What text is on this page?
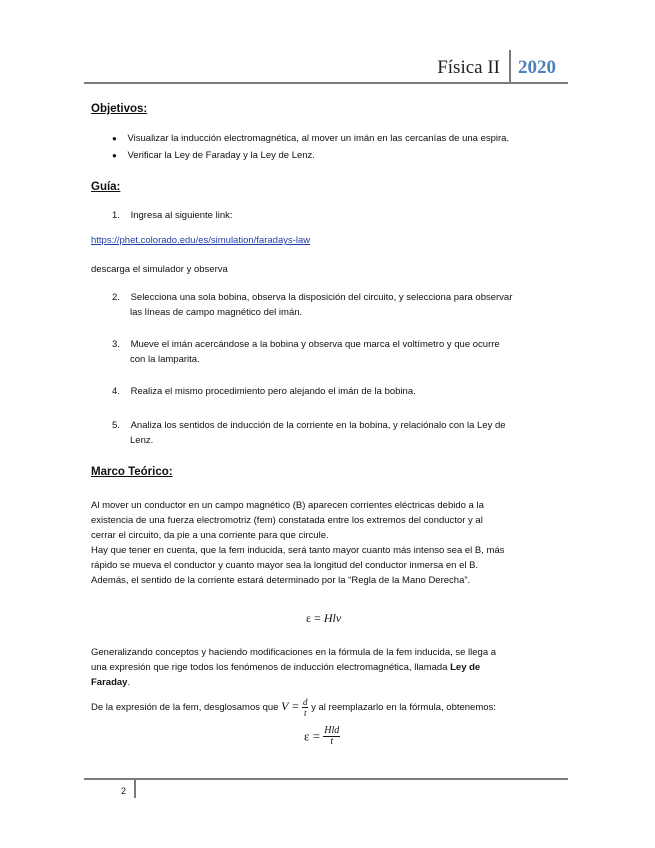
Física II 2020
Objetivos:
● Visualizar la inducción electromagnética, al mover un imán en las cercanías de una espira.
● Verificar la Ley de Faraday y la Ley de Lenz.
Guía:
1. Ingresa al siguiente link:
https://phet.colorado.edu/es/simulation/faradays-law
descarga el simulador y observa
2. Selecciona una sola bobina, observa la disposición del circuito, y selecciona para observar
las líneas de campo magnético del imán.
3. Mueve el imán acercándose a la bobina y observa que marca el voltímetro y que ocurre
con la lamparita.
4. Realiza el mismo procedimiento pero alejando el imán de la bobina.
5. Analiza los sentidos de inducción de la corriente en la bobina, y relaciónalo con la Ley de
Lenz.
Marco Teórico:
Al mover un conductor en un campo magnético (B) aparecen corrientes eléctricas debido a la
existencia de una fuerza electromotriz (fem) constatada entre los extremos del conductor y al
cerrar el circuito, da pie a una corriente para que circule.
Hay que tener en cuenta, que la fem inducida, será tanto mayor cuanto más intenso sea el B, más
rápido se mueva el conductor y cuanto mayor sea la longitud del conductor inmersa en el B.
Además, el sentido de la corriente estará determinado por la “Regla de la Mano Derecha”.
ε = Hlv
Generalizando conceptos y haciendo modificaciones en la fórmula de la fem inducida, se llega a
una expresión que rige todos los fenómenos de inducción electromagnética, llamada Ley de
Faraday.
De la expresión de la fem, desglosamos que $V = \frac{d}{t}$ y al reemplazarlo en la fórmula, obtenemos:
$\varepsilon = \frac{\text{Hld}}{t}$
2
